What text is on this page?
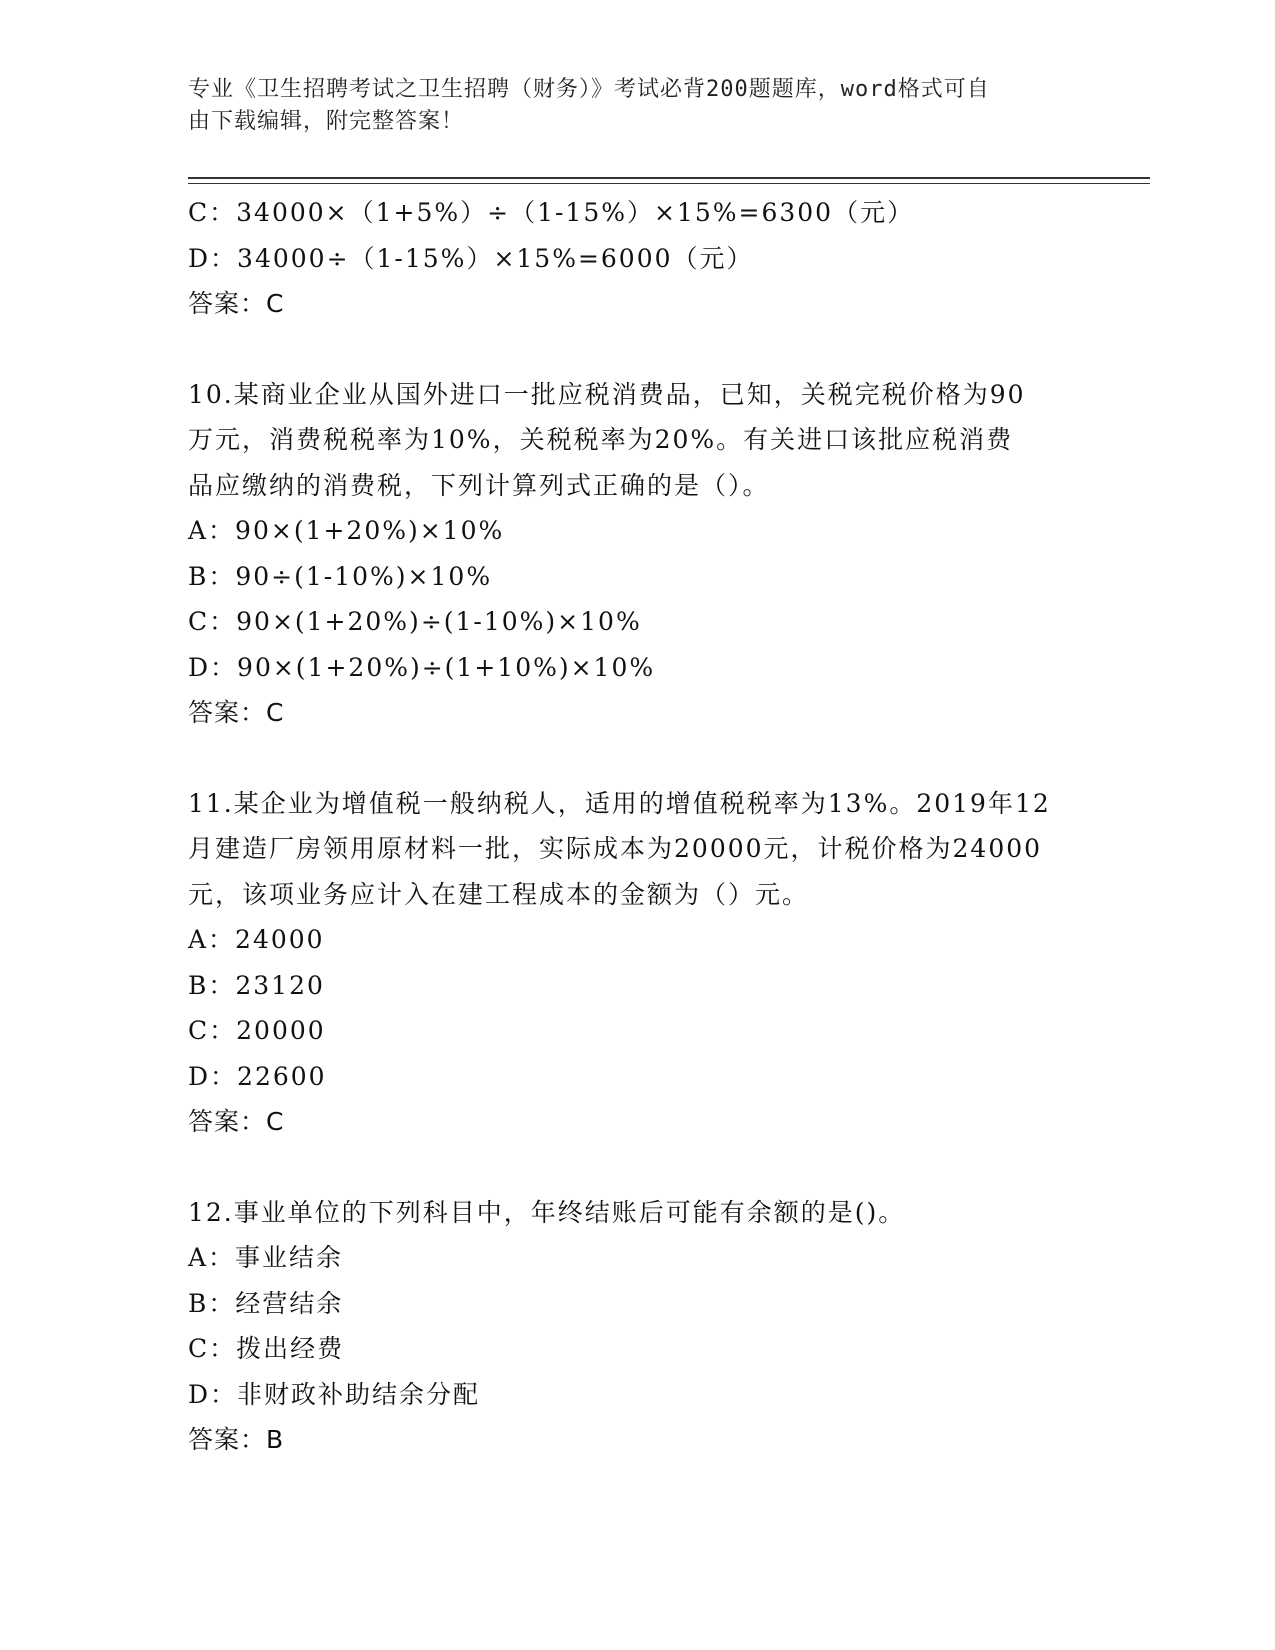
专业《卫生招聘考试之卫生招聘（财务）》考试必背200题题库，word格式可自
由下载编辑，附完整答案！
C：34000×（1+5%）÷（1-15%）×15%=6300（元）
D：34000÷（1-15%）×15%=6000（元）
答案：C
10.某商业企业从国外进口一批应税消费品，已知，关税完税价格为90
万元，消费税税率为10%，关税税率为20%。有关进口该批应税消费
品应缴纳的消费税，下列计算列式正确的是（）。
A：90×(1+20%)×10%
B：90÷(1-10%)×10%
C：90×(1+20%)÷(1-10%)×10%
D：90×(1+20%)÷(1+10%)×10%
答案：C
11.某企业为增值税一般纳税人，适用的增值税税率为13%。2019年12
月建造厂房领用原材料一批，实际成本为20000元，计税价格为24000
元，该项业务应计入在建工程成本的金额为（）元。
A：24000
B：23120
C：20000
D：22600
答案：C
12.事业单位的下列科目中，年终结账后可能有余额的是()。
A：事业结余
B：经营结余
C：拨出经费
D：非财政补助结余分配
答案：B
